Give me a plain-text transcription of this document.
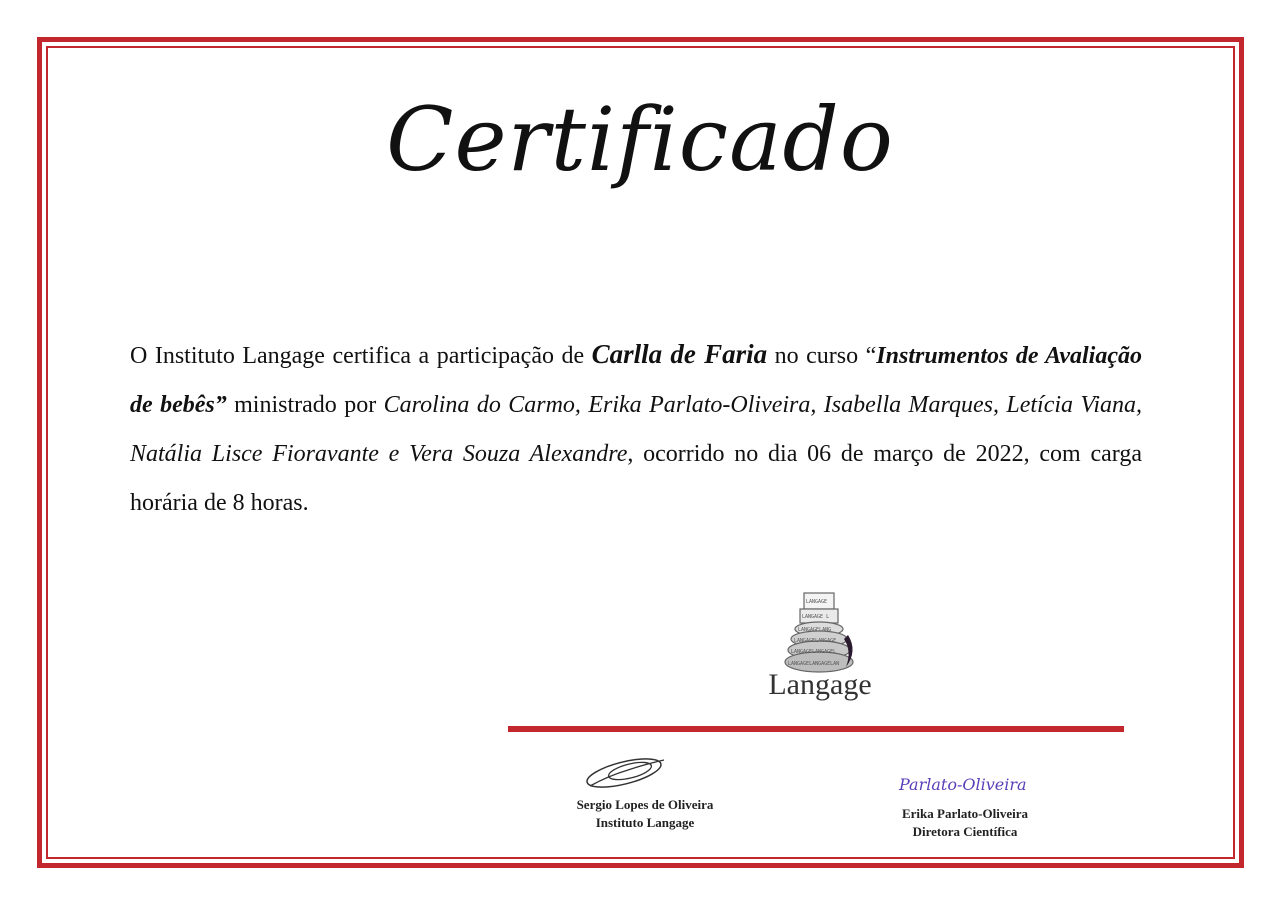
Certificado
O Instituto Langage certifica a participação de Carlla de Faria no curso “Instrumentos de Avaliação de bebês” ministrado por Carolina do Carmo, Erika Parlato-Oliveira, Isabella Marques, Letícia Viana, Natália Lisce Fioravante e Vera Souza Alexandre, ocorrido no dia 06 de março de 2022, com carga horária de 8 horas.
LANGAGE
LANGAGE L
LANGAGELANG
LANGAGELANGAGE
LANGAGELANGAGEL
LANGAGELANGAGELAN
Langage
Sergio Lopes de Oliveira
Instituto Langage
Parlato-Oliveira
Erika Parlato-Oliveira
Diretora Científica
